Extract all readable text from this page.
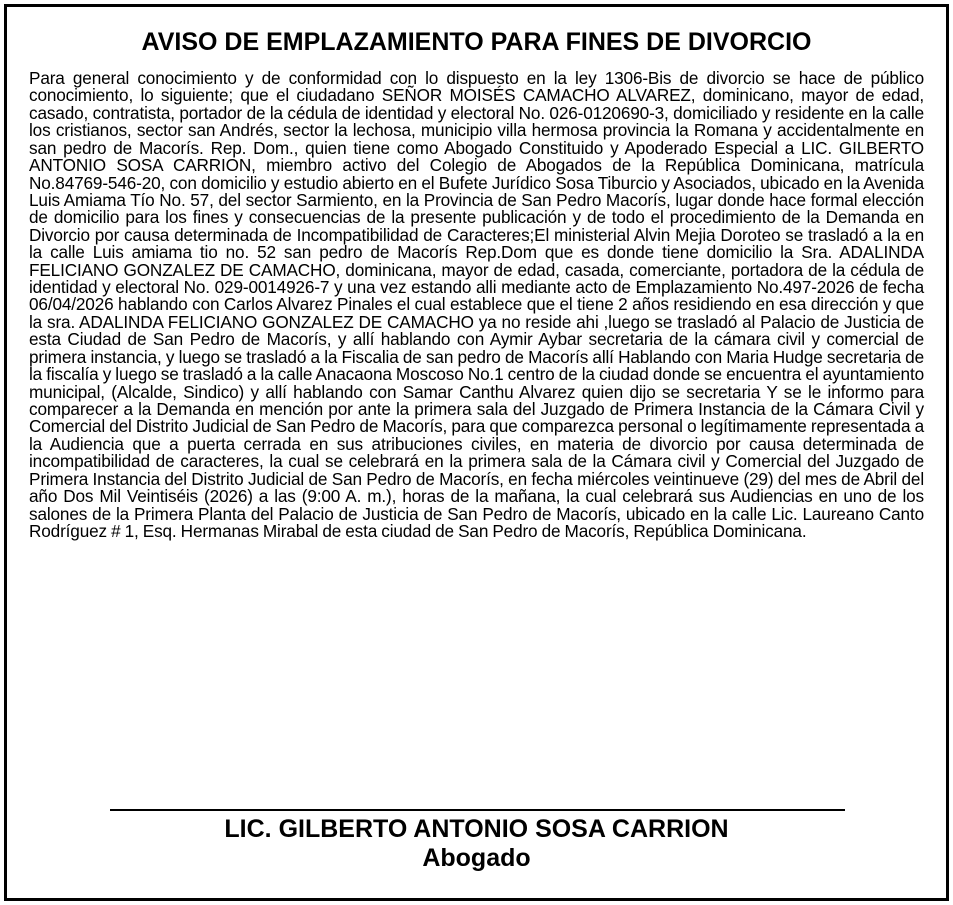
AVISO DE EMPLAZAMIENTO PARA FINES DE DIVORCIO

Para general conocimiento y de conformidad con lo dispuesto en la ley 1306-Bis de divorcio se hace de público conocimiento, lo siguiente; que el ciudadano SEÑOR MOISÉS CAMACHO ALVAREZ, dominicano, mayor de edad, casado, contratista, portador de la cédula de identidad y electoral No. 026-0120690-3, domiciliado y residente en la calle los cristianos, sector san Andrés, sector la lechosa, municipio villa hermosa provincia la Romana y accidentalmente en san pedro de Macorís. Rep. Dom., quien tiene como Abogado Constituido y Apoderado Especial a LIC. GILBERTO ANTONIO SOSA CARRION, miembro activo del Colegio de Abogados de la República Dominicana, matrícula No.84769-546-20, con domicilio y estudio abierto en el Bufete Jurídico Sosa Tiburcio y Asociados, ubicado en la Avenida Luis Amiama Tío No. 57, del sector Sarmiento, en la Provincia de San Pedro Macorís, lugar donde hace formal elección de domicilio para los fines y consecuencias de la presente publicación y de todo el procedimiento de la Demanda en Divorcio por causa determinada de Incompatibilidad de Caracteres;El ministerial Alvin Mejia Doroteo se trasladó a la en la calle Luis amiama tio no. 52 san pedro de Macorís Rep.Dom que es donde tiene domicilio la Sra. ADALINDA FELICIANO GONZALEZ DE CAMACHO, dominicana, mayor de edad, casada, comerciante, portadora de la cédula de identidad y electoral No. 029-0014926-7 y una vez estando alli mediante acto de Emplazamiento No.497-2026 de fecha 06/04/2026 hablando con Carlos Alvarez Pinales el cual establece que el tiene 2 años residiendo en esa dirección y que la sra. ADALINDA FELICIANO GONZALEZ DE CAMACHO ya no reside ahi ,luego se trasladó al Palacio de Justicia de esta Ciudad de San Pedro de Macorís, y allí hablando con Aymir Aybar secretaria de la cámara civil y comercial de primera instancia, y luego se trasladó a la Fiscalia de san pedro de Macorís allí Hablando con Maria Hudge secretaria de la fiscalía y luego se trasladó a la calle Anacaona Moscoso No.1 centro de la ciudad donde se encuentra el ayuntamiento municipal, (Alcalde, Sindico) y allí hablando con Samar Canthu Alvarez quien dijo se secretaria Y se le informo para comparecer a la Demanda en mención por ante la primera sala del Juzgado de Primera Instancia de la Cámara Civil y Comercial del Distrito Judicial de San Pedro de Macorís, para que comparezca personal o legítimamente representada a la Audiencia que a puerta cerrada en sus atribuciones civiles, en materia de divorcio por causa determinada de incompatibilidad de caracteres, la cual se celebrará en la primera sala de la Cámara civil y Comercial del Juzgado de Primera Instancia del Distrito Judicial de San Pedro de Macorís, en fecha miércoles veintinueve (29) del mes de Abril del año Dos Mil Veintiséis (2026) a las (9:00 A. m.), horas de la mañana, la cual celebrará sus Audiencias en uno de los salones de la Primera Planta del Palacio de Justicia de San Pedro de Macorís, ubicado en la calle Lic. Laureano Canto Rodríguez # 1, Esq. Hermanas Mirabal de esta ciudad de San Pedro de Macorís, República Dominicana.

LIC. GILBERTO ANTONIO SOSA CARRION
Abogado
